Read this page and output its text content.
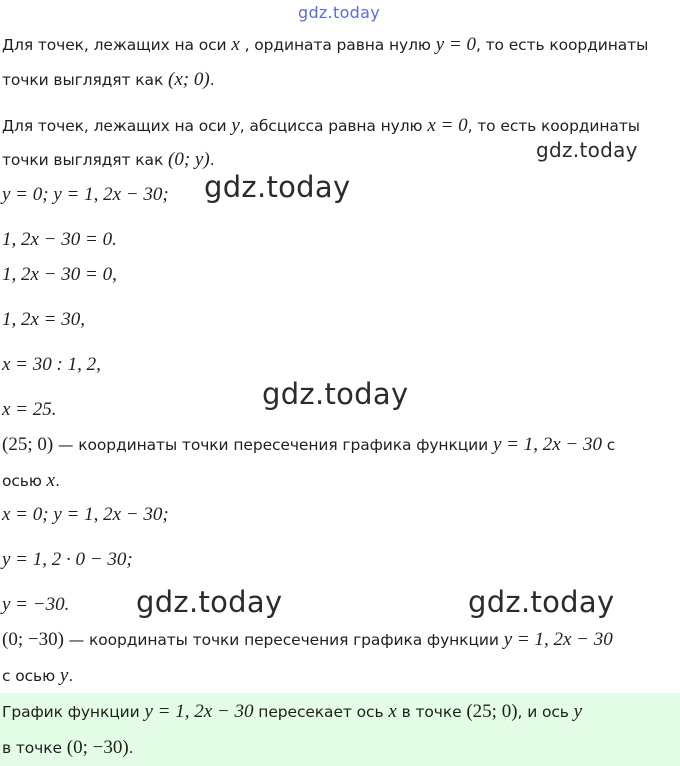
gdz.today
Для точек, лежащих на оси x , ордината равна нулю y = 0, то есть координаты
точки выглядят как (x; 0).
Для точек, лежащих на оси y, абсцисса равна нулю x = 0, то есть координаты
gdz.today
точки выглядят как (0; y).
y = 0; y = 1, 2x − 30; gdz.today
1, 2x − 30 = 0.
1, 2x − 30 = 0,
1, 2x = 30,
x = 30 : 1, 2,
gdz.today
x = 25.
(25; 0) — координаты точки пересечения графика функции y = 1, 2x − 30 с
осью x.
x = 0; y = 1, 2x − 30;
y = 1, 2 · 0 − 30;
y = −30. gdz.today	gdz.today
(0; −30) — координаты точки пересечения графика функции y = 1, 2x − 30
с осью y.
График функции y = 1, 2x − 30 пересекает ось x в точке (25; 0), и ось y
в точке (0; −30).
